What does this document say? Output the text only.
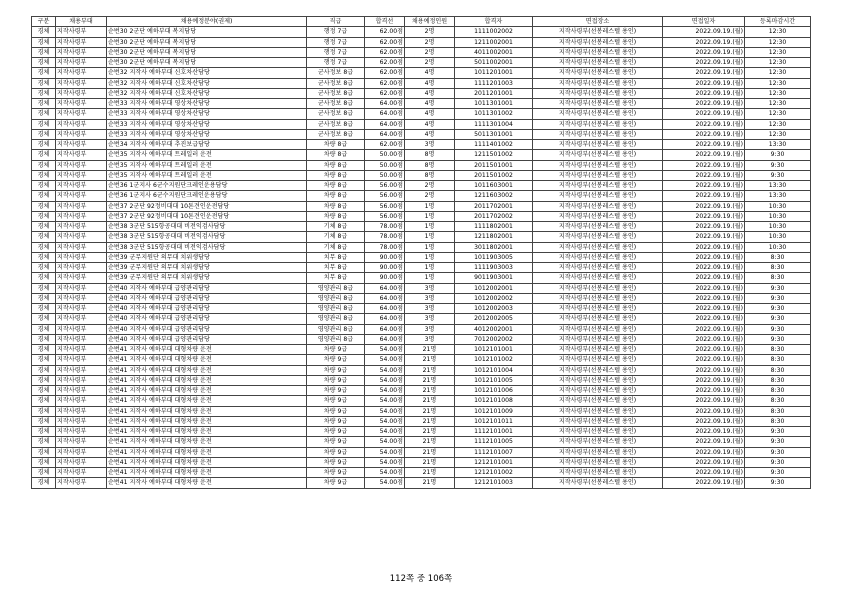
구분	채용부대	채용예정분야(권제)	직급	합격선	채용예정인원	합격자	면접장소	면접일자	등록마감시간
경체	지작사령부	순번30 2군단 예하부대 복지담당	행정 7급	62.00점	2명	1111002002	지작사령부(선봉레스텔 용인)	2022.09.19.(월)	12:30
경체	지작사령부	순번30 2군단 예하부대 복지담당	행정 7급	62.00점	2명	1211002001	지작사령부(선봉레스텔 용인)	2022.09.19.(월)	12:30
경체	지작사령부	순번30 2군단 예하부대 복지담당	행정 7급	62.00점	2명	4011002001	지작사령부(선봉레스텔 용인)	2022.09.19.(월)	12:30
경체	지작사령부	순번30 2군단 예하부대 복지담당	행정 7급	62.00점	2명	5011002001	지작사령부(선봉레스텔 용인)	2022.09.19.(월)	12:30
경체	지작사령부	순번32 지작사 예하부대 신호차산담당	군사정보 8급	62.00점	4명	1011201001	지작사령부(선봉레스텔 용인)	2022.09.19.(월)	12:30
경체	지작사령부	순번32 지작사 예하부대 신호차산담당	군사정보 8급	62.00점	4명	1111201003	지작사령부(선봉레스텔 용인)	2022.09.19.(월)	12:30
경체	지작사령부	순번32 지작사 예하부대 신호차산담당	군사정보 8급	62.00점	4명	2011201001	지작사령부(선봉레스텔 용인)	2022.09.19.(월)	12:30
경체	지작사령부	순번33 지작사 예하부대 영상차산담당	군사정보 8급	64.00점	4명	1011301001	지작사령부(선봉레스텔 용인)	2022.09.19.(월)	12:30
경체	지작사령부	순번33 지작사 예하부대 영상차산담당	군사정보 8급	64.00점	4명	1011301002	지작사령부(선봉레스텔 용인)	2022.09.19.(월)	12:30
경체	지작사령부	순번33 지작사 예하부대 영상차산담당	군사정보 8급	64.00점	4명	1111301004	지작사령부(선봉레스텔 용인)	2022.09.19.(월)	12:30
경체	지작사령부	순번33 지작사 예하부대 영상차산담당	군사정보 8급	64.00점	4명	5011301001	지작사령부(선봉레스텔 용인)	2022.09.19.(월)	12:30
경체	지작사령부	순번34 지작사 예하부대 추진보급담당	차량 8급	62.00점	3명	1111401002	지작사령부(선봉레스텔 용인)	2022.09.19.(월)	13:30
경체	지작사령부	순번35 지작사 예하부대 트레일러 운전	차량 8급	50.00점	8명	1211501002	지작사령부(선봉레스텔 용인)	2022.09.19.(월)	9:30
경체	지작사령부	순번35 지작사 예하부대 트레일러 운전	차량 8급	50.00점	8명	2011501001	지작사령부(선봉레스텔 용인)	2022.09.19.(월)	9:30
경체	지작사령부	순번35 지작사 예하부대 트레일러 운전	차량 8급	50.00점	8명	2011501002	지작사령부(선봉레스텔 용인)	2022.09.19.(월)	9:30
경체	지작사령부	순번36 1군지사 6군수지원단크레인운용담당	차량 8급	56.00점	2명	1011603001	지작사령부(선봉레스텔 용인)	2022.09.19.(월)	13:30
경체	지작사령부	순번36 1군지사 6군수지원단크레인운용담당	차량 8급	56.00점	2명	1211603002	지작사령부(선봉레스텔 용인)	2022.09.19.(월)	13:30
경체	지작사령부	순번37 2군단 92정비대대 10톤견인운전담당	차량 8급	56.00점	1명	2011702001	지작사령부(선봉레스텔 용인)	2022.09.19.(월)	10:30
경체	지작사령부	순번37 2군단 92정비대대 10톤견인운전담당	차량 8급	56.00점	1명	2011702002	지작사령부(선봉레스텔 용인)	2022.09.19.(월)	10:30
경체	지작사령부	순번38 3군단 515항공대대 비전익검사담당	기체 8급	78.00점	1명	1111802001	지작사령부(선봉레스텔 용인)	2022.09.19.(월)	10:30
경체	지작사령부	순번38 3군단 515항공대대 비전익검사담당	기체 8급	78.00점	1명	1211802001	지작사령부(선봉레스텔 용인)	2022.09.19.(월)	10:30
경체	지작사령부	순번38 3군단 515항공대대 비전익검사담당	기체 8급	78.00점	1명	3011802001	지작사령부(선봉레스텔 용인)	2022.09.19.(월)	10:30
경체	지작사령부	순번39 군무지원단 의무대 치위생담당	치무 8급	90.00점	1명	1011903005	지작사령부(선봉레스텔 용인)	2022.09.19.(월)	8:30
경체	지작사령부	순번39 군무지원단 의무대 치위생담당	치무 8급	90.00점	1명	1111903003	지작사령부(선봉레스텔 용인)	2022.09.19.(월)	8:30
경체	지작사령부	순번39 군무지원단 의무대 치위생담당	치무 8급	90.00점	1명	9011903001	지작사령부(선봉레스텔 용인)	2022.09.19.(월)	8:30
경체	지작사령부	순번40 지작사 예하부대 급양관리담당	영양관리 8급	64.00점	3명	1012002001	지작사령부(선봉레스텔 용인)	2022.09.19.(월)	9:30
경체	지작사령부	순번40 지작사 예하부대 급양관리담당	영양관리 8급	64.00점	3명	1012002002	지작사령부(선봉레스텔 용인)	2022.09.19.(월)	9:30
경체	지작사령부	순번40 지작사 예하부대 급양관리담당	영양관리 8급	64.00점	3명	1012002003	지작사령부(선봉레스텔 용인)	2022.09.19.(월)	9:30
경체	지작사령부	순번40 지작사 예하부대 급양관리담당	영양관리 8급	64.00점	3명	2012002005	지작사령부(선봉레스텔 용인)	2022.09.19.(월)	9:30
경체	지작사령부	순번40 지작사 예하부대 급양관리담당	영양관리 8급	64.00점	3명	4012002001	지작사령부(선봉레스텔 용인)	2022.09.19.(월)	9:30
경체	지작사령부	순번40 지작사 예하부대 급양관리담당	영양관리 8급	64.00점	3명	7012002002	지작사령부(선봉레스텔 용인)	2022.09.19.(월)	9:30
경체	지작사령부	순번41 지작사 예하부대 대형차량 운전	차량 9급	54.00점	21명	1012101001	지작사령부(선봉레스텔 용인)	2022.09.19.(월)	8:30
경체	지작사령부	순번41 지작사 예하부대 대형차량 운전	차량 9급	54.00점	21명	1012101002	지작사령부(선봉레스텔 용인)	2022.09.19.(월)	8:30
경체	지작사령부	순번41 지작사 예하부대 대형차량 운전	차량 9급	54.00점	21명	1012101004	지작사령부(선봉레스텔 용인)	2022.09.19.(월)	8:30
경체	지작사령부	순번41 지작사 예하부대 대형차량 운전	차량 9급	54.00점	21명	1012101005	지작사령부(선봉레스텔 용인)	2022.09.19.(월)	8:30
경체	지작사령부	순번41 지작사 예하부대 대형차량 운전	차량 9급	54.00점	21명	1012101006	지작사령부(선봉레스텔 용인)	2022.09.19.(월)	8:30
경체	지작사령부	순번41 지작사 예하부대 대형차량 운전	차량 9급	54.00점	21명	1012101008	지작사령부(선봉레스텔 용인)	2022.09.19.(월)	8:30
경체	지작사령부	순번41 지작사 예하부대 대형차량 운전	차량 9급	54.00점	21명	1012101009	지작사령부(선봉레스텔 용인)	2022.09.19.(월)	8:30
경체	지작사령부	순번41 지작사 예하부대 대형차량 운전	차량 9급	54.00점	21명	1012101011	지작사령부(선봉레스텔 용인)	2022.09.19.(월)	8:30
경체	지작사령부	순번41 지작사 예하부대 대형차량 운전	차량 9급	54.00점	21명	1112101001	지작사령부(선봉레스텔 용인)	2022.09.19.(월)	9:30
경체	지작사령부	순번41 지작사 예하부대 대형차량 운전	차량 9급	54.00점	21명	1112101005	지작사령부(선봉레스텔 용인)	2022.09.19.(월)	9:30
경체	지작사령부	순번41 지작사 예하부대 대형차량 운전	차량 9급	54.00점	21명	1112101007	지작사령부(선봉레스텔 용인)	2022.09.19.(월)	9:30
경체	지작사령부	순번41 지작사 예하부대 대형차량 운전	차량 9급	54.00점	21명	1212101001	지작사령부(선봉레스텔 용인)	2022.09.19.(월)	9:30
경체	지작사령부	순번41 지작사 예하부대 대형차량 운전	차량 9급	54.00점	21명	1212101002	지작사령부(선봉레스텔 용인)	2022.09.19.(월)	9:30
경체	지작사령부	순번41 지작사 예하부대 대형차량 운전	차량 9급	54.00점	21명	1212101003	지작사령부(선봉레스텔 용인)	2022.09.19.(월)	9:30
112쪽 중 106쪽
